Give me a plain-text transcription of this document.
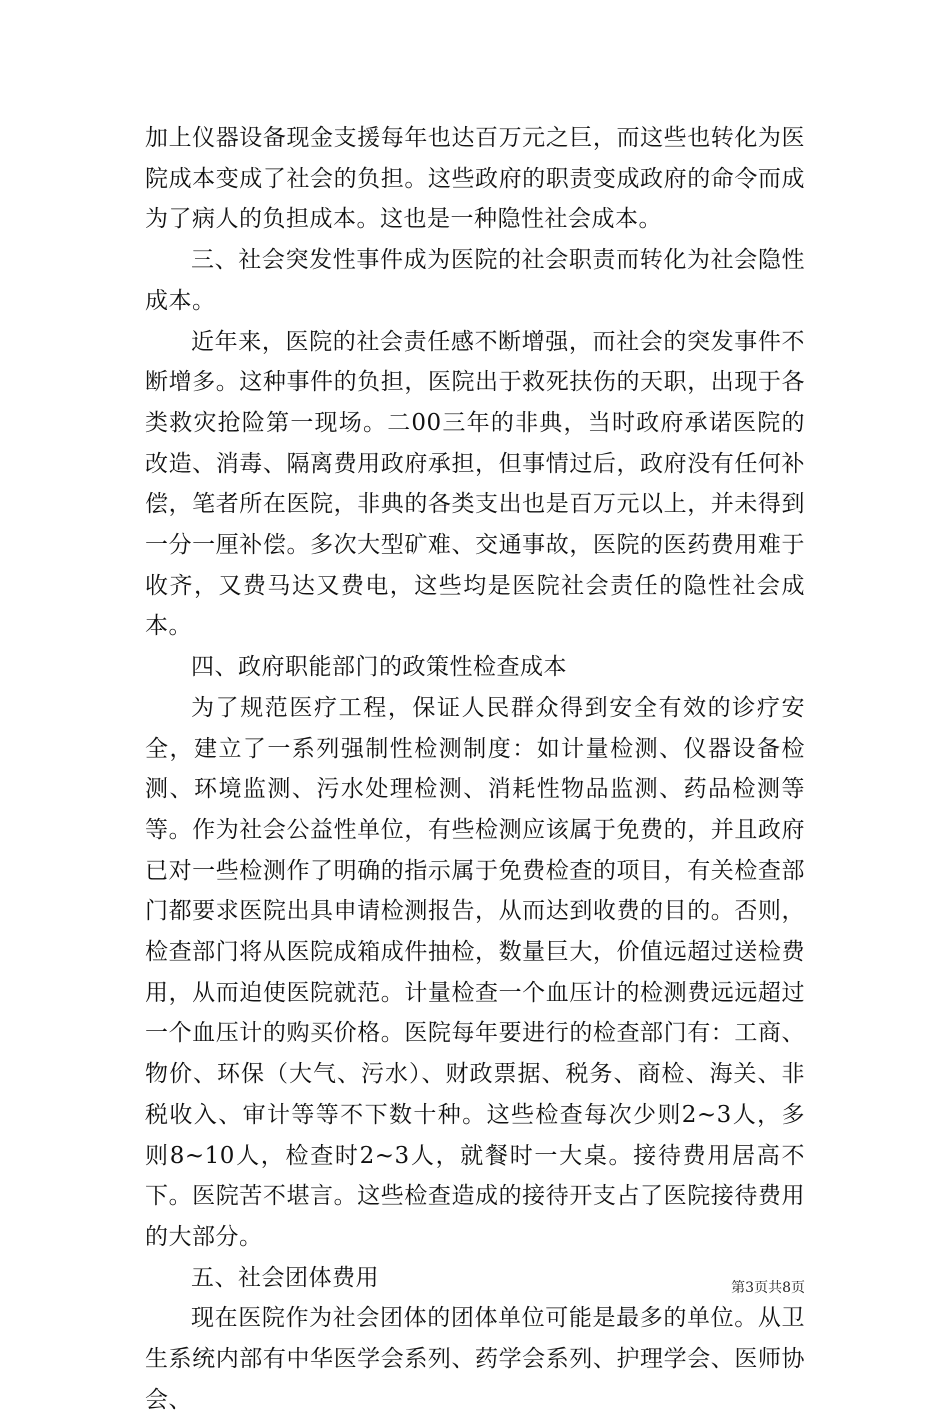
加上仪器设备现金支援每年也达百万元之巨，而这些也转化为医院成本变成了社会的负担。这些政府的职责变成政府的命令而成为了病人的负担成本。这也是一种隐性社会成本。

三、社会突发性事件成为医院的社会职责而转化为社会隐性成本。

近年来，医院的社会责任感不断增强，而社会的突发事件不断增多。这种事件的负担，医院出于救死扶伤的天职，出现于各类救灾抢险第一现场。二00三年的非典，当时政府承诺医院的改造、消毒、隔离费用政府承担，但事情过后，政府没有任何补偿，笔者所在医院，非典的各类支出也是百万元以上，并未得到一分一厘补偿。多次大型矿难、交通事故，医院的医药费用难于收齐，又费马达又费电，这些均是医院社会责任的隐性社会成本。

四、政府职能部门的政策性检查成本

为了规范医疗工程，保证人民群众得到安全有效的诊疗安全，建立了一系列强制性检测制度：如计量检测、仪器设备检测、环境监测、污水处理检测、消耗性物品监测、药品检测等等。作为社会公益性单位，有些检测应该属于免费的，并且政府已对一些检测作了明确的指示属于免费检查的项目，有关检查部门都要求医院出具申请检测报告，从而达到收费的目的。否则，检查部门将从医院成箱成件抽检，数量巨大，价值远超过送检费用，从而迫使医院就范。计量检查一个血压计的检测费远远超过一个血压计的购买价格。医院每年要进行的检查部门有：工商、物价、环保（大气、污水）、财政票据、税务、商检、海关、非税收入、审计等等不下数十种。这些检查每次少则2~3人，多则8~10人，检查时2~3人，就餐时一大桌。接待费用居高不下。医院苦不堪言。这些检查造成的接待开支占了医院接待费用的大部分。

五、社会团体费用

现在医院作为社会团体的团体单位可能是最多的单位。从卫生系统内部有中华医学会系列、药学会系列、护理学会、医师协会、

第3页共8页
